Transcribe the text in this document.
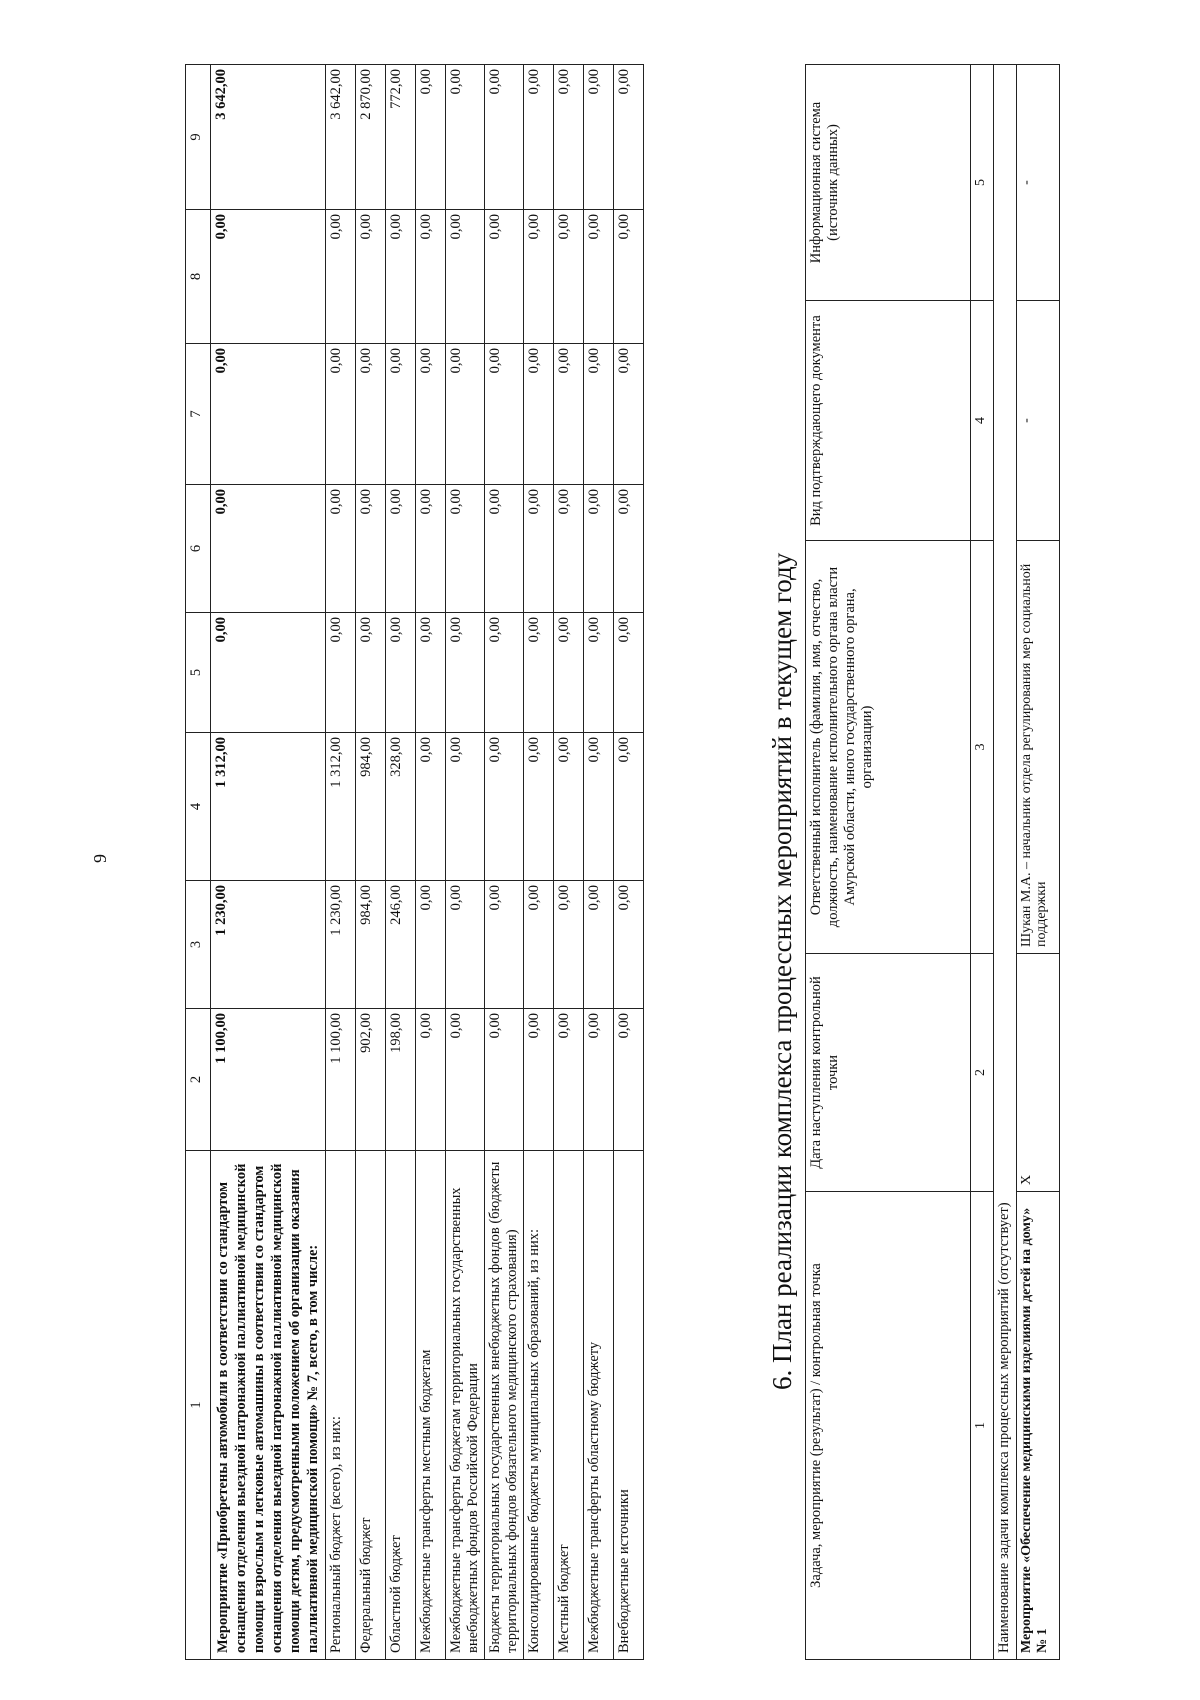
9
1	2	3	4	5	6	7	8	9
Мероприятие «Приобретены автомобили в соответствии со стандартом оснащения отделения выездной патронажной паллиативной медицинской помощи взрослым и легковые автомашины в соответствии со стандартом оснащения отделения выездной патронажной паллиативной медицинской помощи детям, предусмотренными положением об организации оказания паллиативной медицинской помощи» № 7, всего, в том числе:	1 100,00	1 230,00	1 312,00	0,00	0,00	0,00	0,00	3 642,00
Региональный бюджет (всего), из них:	1 100,00	1 230,00	1 312,00	0,00	0,00	0,00	0,00	3 642,00
Федеральный бюджет	902,00	984,00	984,00	0,00	0,00	0,00	0,00	2 870,00
Областной бюджет	198,00	246,00	328,00	0,00	0,00	0,00	0,00	772,00
Межбюджетные трансферты местным бюджетам	0,00	0,00	0,00	0,00	0,00	0,00	0,00	0,00
Межбюджетные трансферты бюджетам территориальных государственных внебюджетных фондов Российской Федерации	0,00	0,00	0,00	0,00	0,00	0,00	0,00	0,00
Бюджеты территориальных государственных внебюджетных фондов (бюджеты территориальных фондов обязательного медицинского страхования)	0,00	0,00	0,00	0,00	0,00	0,00	0,00	0,00
Консолидированные бюджеты муниципальных образований, из них:	0,00	0,00	0,00	0,00	0,00	0,00	0,00	0,00
Местный бюджет	0,00	0,00	0,00	0,00	0,00	0,00	0,00	0,00
Межбюджетные трансферты областному бюджету	0,00	0,00	0,00	0,00	0,00	0,00	0,00	0,00
Внебюджетные источники	0,00	0,00	0,00	0,00	0,00	0,00	0,00	0,00
6. План реализации комплекса процессных мероприятий в текущем году
Задача, мероприятие (результат) / контрольная точка	Дата наступления контрольной точки	Ответственный исполнитель (фамилия, имя, отчество, должность, наименование исполнительного органа власти Амурской области, иного государственного органа, организации)	Вид подтверждающего документа	Информационная система (источник данных)
1	2	3	4	5
Наименование задачи комплекса процессных мероприятий (отсутствует)				
Мероприятие «Обеспечение медицинскими изделиями детей на дому» № 1	Х	Шукан М.А. – начальник отдела регулирования мер социальной поддержки	-	-
